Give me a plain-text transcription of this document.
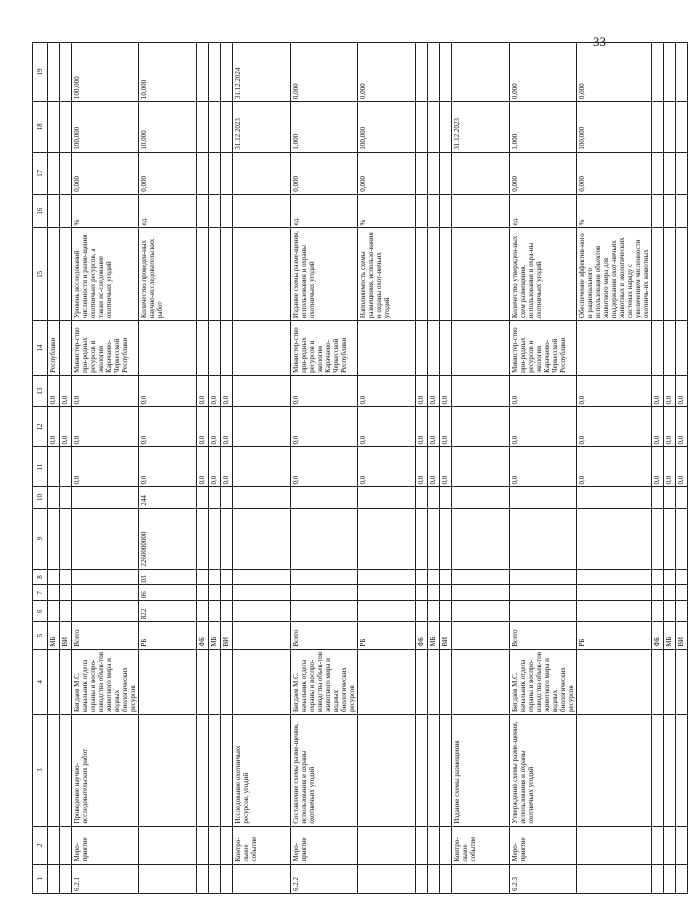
33
1	2	3	4	5	6	7	8	9	10	11	12	13	14	15	16	17	18	19
				МБ							0,0	0,0	Республики					
				ВИ							0,0	0,0						
6.2.1	Меро-приятие	Проведение научно-исследовательских работ	Бигдаев М.С. начальник отдела охраны и воспро-изводства объек-тов животного мира и водных биологических ресурсов	Всего						0,0	0,0	0,0	Министер-ство при-родных ресурсов и экологии Карачаево-Черкесской Республики	Уровень исследований численности и разме-щения охотничьих ресурсов, а также ис-следование охотничьих угодий	%	0,000	100,000	100,000
				РБ	822	06	03	2260000000	244	0,0	0,0	0,0		Количество проведен-ных научно-исследовательских работ	ед.	0,000	10,000	10,000
				ФБ						0,0	0,0	0,0						
				МБ						0,0	0,0	0,0						
				ВИ						0,0	0,0	0,0						
	Контро-льное событие	Исследование охотничьих ресурсов, угодий															31.12.2023	31.12.2024
6.2.2	Меро-приятие	Составление схемы разме-щения, использования и охраны охотничьих угодий	Бигдаев М.С. начальник отдела охраны и воспро-изводства объек-тов животного мира и водных биологических ресурсов	Всего						0,0	0,0	0,0	Министер-ство при-родных ресурсов и экологии Карачаево-Черкесской Республики	Издание схемы разме-щения, использования и охраны охотничьих угодий	ед.	0,000	1,000	0,000
				РБ						0,0	0,0	0,0		Наполняемость схемы размещения, использо-вания и охраны охот-ничьих угодий	%	0,000	100,000	0,000
				ФБ						0,0	0,0	0,0						
				МБ						0,0	0,0	0,0						
				ВИ						0,0	0,0	0,0						
	Контро-льное событие	Издание схемы размещения															31.12.2023	
6.2.3	Меро-приятие	Утверждение схемы разме-щения, использования и охраны охотничьих угодий	Бигдаев М.С. начальник отдела охраны и воспро-изводства объек-тов животного мира и водных биологических ресурсов	Всего						0,0	0,0	0,0	Министер-ство при-родных ресурсов и экологии Карачаево-Черкесской Республики	Количество утвержден-ных схем размещения, использования и охра-ны охотничьих угодий	ед.	0,000	1,000	0,000
				РБ						0,0	0,0	0,0		Обеспечение эффектив-ного и рационального использования объектов животного мира для поддержания охот-ничьих животных в экологических системах наряду с увеличением численности охотничь-их животных	%	0,000	100,000	0,000
				ФБ						0,0	0,0	0,0						
				МБ						0,0	0,0	0,0						
				ВИ						0,0	0,0	0,0						
